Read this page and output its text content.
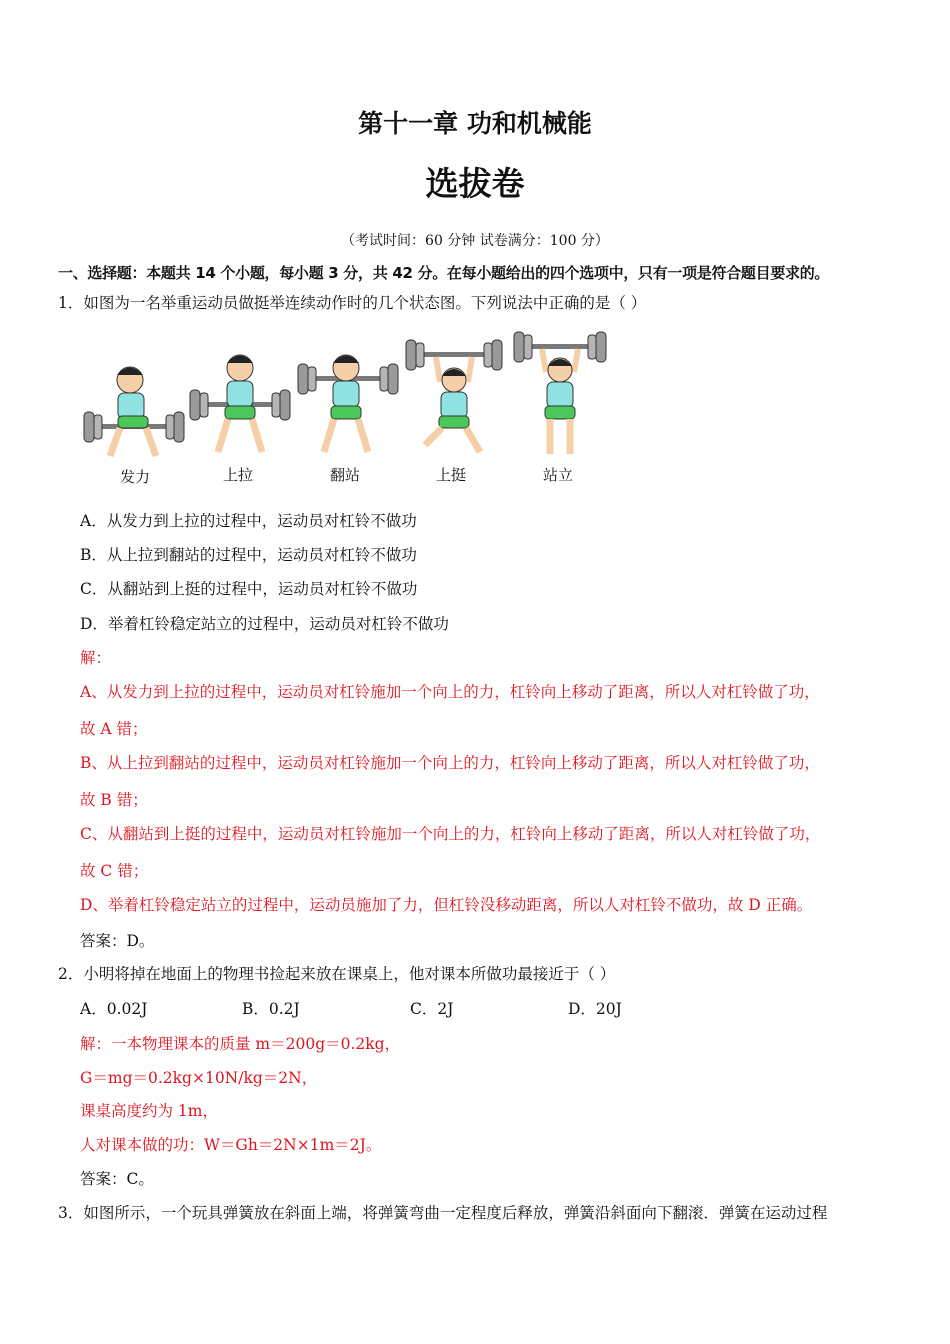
第十一章 功和机械能
选拔卷
（考试时间：60 分钟 试卷满分：100 分）
一、选择题：本题共 14 个小题，每小题 3 分，共 42 分。在每小题给出的四个选项中，只有一项是符合题目要求的。
1．如图为一名举重运动员做挺举连续动作时的几个状态图。下列说法中正确的是（ ）
发力	上拉	翻站	上挺	站立
A．从发力到上拉的过程中，运动员对杠铃不做功
B．从上拉到翻站的过程中，运动员对杠铃不做功
C．从翻站到上挺的过程中，运动员对杠铃不做功
D．举着杠铃稳定站立的过程中，运动员对杠铃不做功
解：
A、从发力到上拉的过程中，运动员对杠铃施加一个向上的力，杠铃向上移动了距离，所以人对杠铃做了功，
故 A 错；
B、从上拉到翻站的过程中，运动员对杠铃施加一个向上的力，杠铃向上移动了距离，所以人对杠铃做了功，
故 B 错；
C、从翻站到上挺的过程中，运动员对杠铃施加一个向上的力，杠铃向上移动了距离，所以人对杠铃做了功，
故 C 错；
D、举着杠铃稳定站立的过程中，运动员施加了力，但杠铃没移动距离，所以人对杠铃不做功，故 D 正确。
答案：D。
2．小明将掉在地面上的物理书捡起来放在课桌上，他对课本所做功最接近于（ ）
A．0.02J	B．0.2J	C．2J	D．20J
解：一本物理课本的质量 m＝200g＝0.2kg，
G＝mg＝0.2kg×10N/kg＝2N，
课桌高度约为 1m，
人对课本做的功：W＝Gh＝2N×1m＝2J。
答案：C。
3．如图所示，一个玩具弹簧放在斜面上端，将弹簧弯曲一定程度后释放，弹簧沿斜面向下翻滚．弹簧在运动过程
